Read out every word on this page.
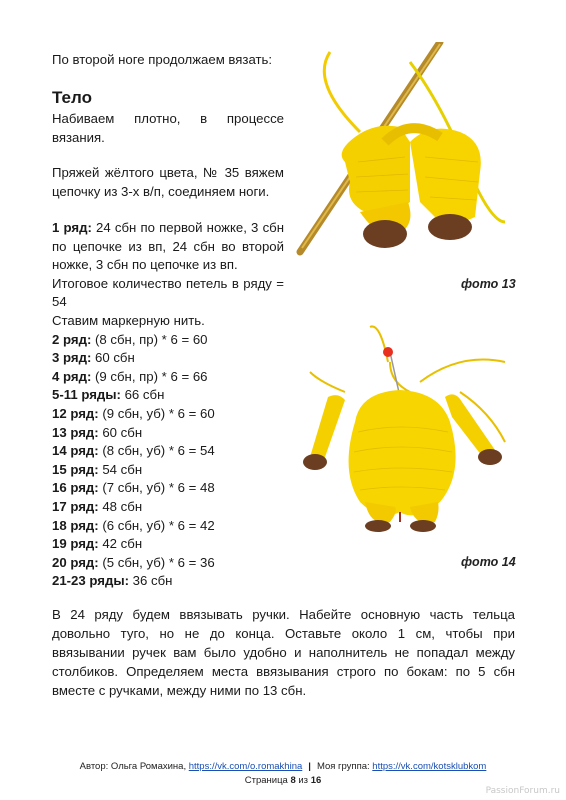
По второй ноге продолжаем вязать:
Тело
Набиваем плотно, в процессе вязания.
Пряжей жёлтого цвета, № 35 вяжем цепочку из 3-х в/п, соединяем ноги.
1 ряд: 24 сбн по первой ножке, 3 сбн по цепочке из вп, 24 сбн во второй ножке, 3 сбн по цепочке из вп.
Итоговое количество петель в ряду = 54
Ставим маркерную нить.
2 ряд: (8 сбн, пр) * 6 = 60
3 ряд: 60 сбн
4 ряд: (9 сбн, пр) * 6 = 66
5-11 ряды: 66 сбн
12 ряд: (9 сбн, уб) * 6 = 60
13 ряд: 60 сбн
14 ряд: (8 сбн, уб) * 6 = 54
15 ряд: 54 сбн
16 ряд: (7 сбн, уб) * 6 = 48
17 ряд: 48 сбн
18 ряд: (6 сбн, уб) * 6 = 42
19 ряд: 42 сбн
20 ряд: (5 сбн, уб) * 6 = 36
21-23 ряды: 36 сбн
фото 13
фото 14
В 24 ряду будем ввязывать ручки. Набейте основную часть тельца довольно туго, но не до конца. Оставьте около 1 см, чтобы при ввязывании ручек вам было удобно и наполнитель не попадал между столбиков. Определяем места ввязывания строго по бокам: по 5 сбн вместе с ручками, между ними по 13 сбн.
Автор: Ольга Ромахина, https://vk.com/o.romakhina | Моя группа: https://vk.com/kotsklubkom
Страница 8 из 16
PassionForum.ru
